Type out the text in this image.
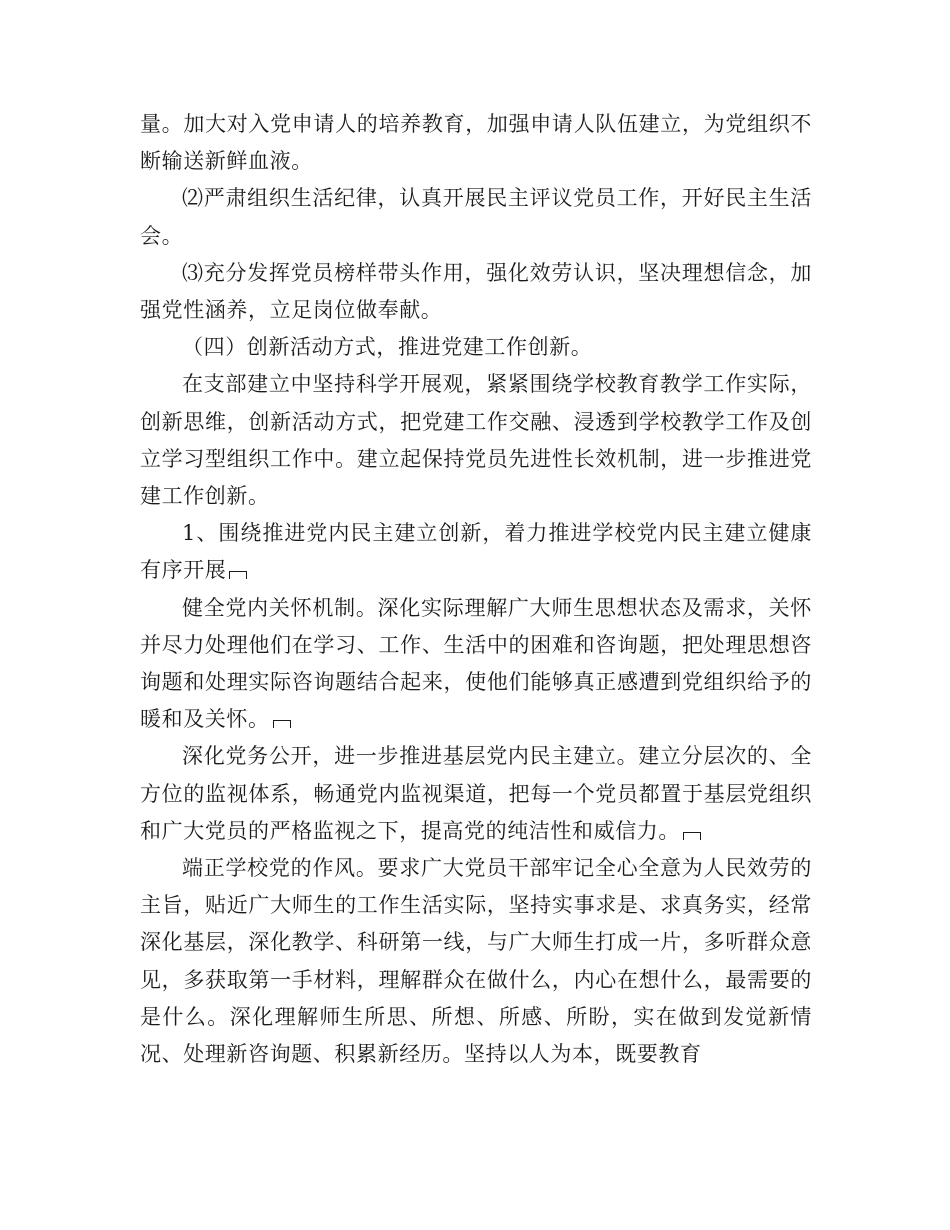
量。加大对入党申请人的培养教育，加强申请人队伍建立，为党组织不断输送新鲜血液。

⑵严肃组织生活纪律，认真开展民主评议党员工作，开好民主生活会。

⑶充分发挥党员榜样带头作用，强化效劳认识，坚决理想信念，加强党性涵养，立足岗位做奉献。

（四）创新活动方式，推进党建工作创新。

在支部建立中坚持科学开展观，紧紧围绕学校教育教学工作实际，创新思维，创新活动方式，把党建工作交融、浸透到学校教学工作及创立学习型组织工作中。建立起保持党员先进性长效机制，进一步推进党建工作创新。

1、围绕推进党内民主建立创新，着力推进学校党内民主建立健康有序开展

健全党内关怀机制。深化实际理解广大师生思想状态及需求，关怀并尽力处理他们在学习、工作、生活中的困难和咨询题，把处理思想咨询题和处理实际咨询题结合起来，使他们能够真正感遭到党组织给予的暖和及关怀。

深化党务公开，进一步推进基层党内民主建立。建立分层次的、全方位的监视体系，畅通党内监视渠道，把每一个党员都置于基层党组织和广大党员的严格监视之下，提高党的纯洁性和威信力。

端正学校党的作风。要求广大党员干部牢记全心全意为人民效劳的主旨，贴近广大师生的工作生活实际，坚持实事求是、求真务实，经常深化基层，深化教学、科研第一线，与广大师生打成一片，多听群众意见，多获取第一手材料，理解群众在做什么，内心在想什么，最需要的是什么。深化理解师生所思、所想、所感、所盼，实在做到发觉新情况、处理新咨询题、积累新经历。坚持以人为本，既要教育
